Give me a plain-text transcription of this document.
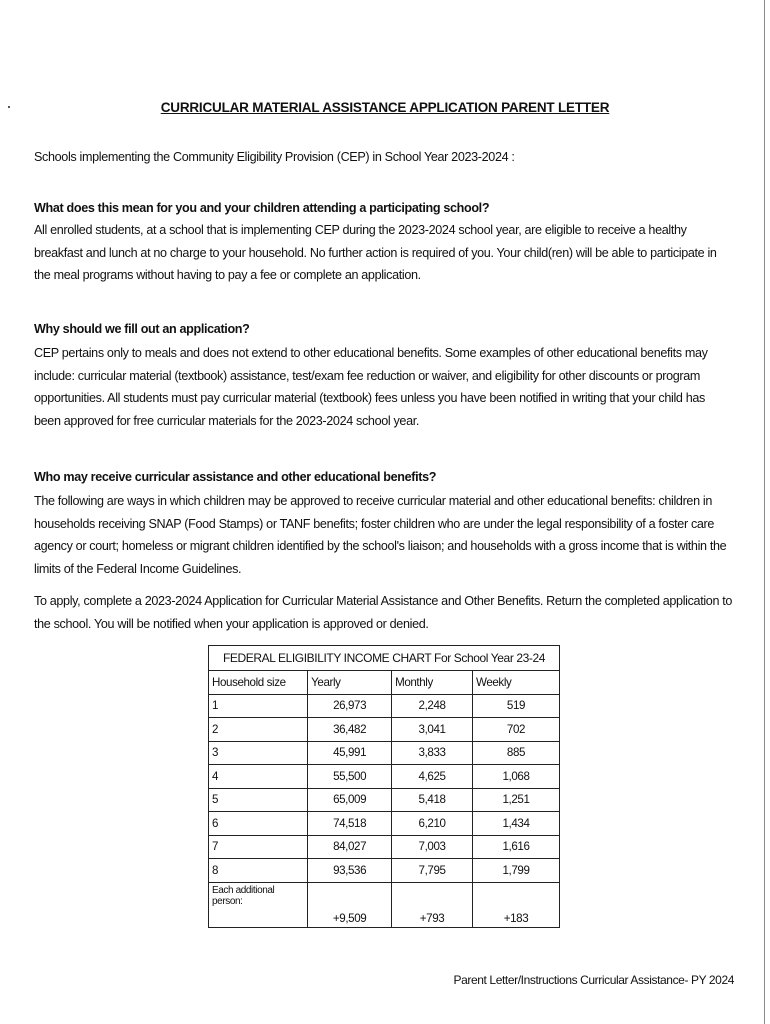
CURRICULAR MATERIAL ASSISTANCE APPLICATION PARENT LETTER

Schools implementing the Community Eligibility Provision (CEP) in School Year 2023-2024 :

What does this mean for you and your children attending a participating school?

All enrolled students, at a school that is implementing CEP during the 2023-2024 school year, are eligible to receive a healthy breakfast and lunch at no charge to your household. No further action is required of you. Your child(ren) will be able to participate in the meal programs without having to pay a fee or complete an application.

Why should we fill out an application?

CEP pertains only to meals and does not extend to other educational benefits. Some examples of other educational benefits may include: curricular material (textbook) assistance, test/exam fee reduction or waiver, and eligibility for other discounts or program opportunities. All students must pay curricular material (textbook) fees unless you have been notified in writing that your child has been approved for free curricular materials for the 2023-2024 school year.

Who may receive curricular assistance and other educational benefits?

The following are ways in which children may be approved to receive curricular material and other educational benefits: children in households receiving SNAP (Food Stamps) or TANF benefits; foster children who are under the legal responsibility of a foster care agency or court; homeless or migrant children identified by the school's liaison; and households with a gross income that is within the limits of the Federal Income Guidelines.

To apply, complete a 2023-2024 Application for Curricular Material Assistance and Other Benefits. Return the completed application to the school. You will be notified when your application is approved or denied.

FEDERAL ELIGIBILITY INCOME CHART For School Year 23-24			
Household size	Yearly	Monthly	Weekly
1	26,973	2,248	519
2	36,482	3,041	702
3	45,991	3,833	885
4	55,500	4,625	1,068
5	65,009	5,418	1,251
6	74,518	6,210	1,434
7	84,027	7,003	1,616
8	93,536	7,795	1,799
Each additional person:	+9,509	+793	+183
Parent Letter/Instructions Curricular Assistance- PY 2024
